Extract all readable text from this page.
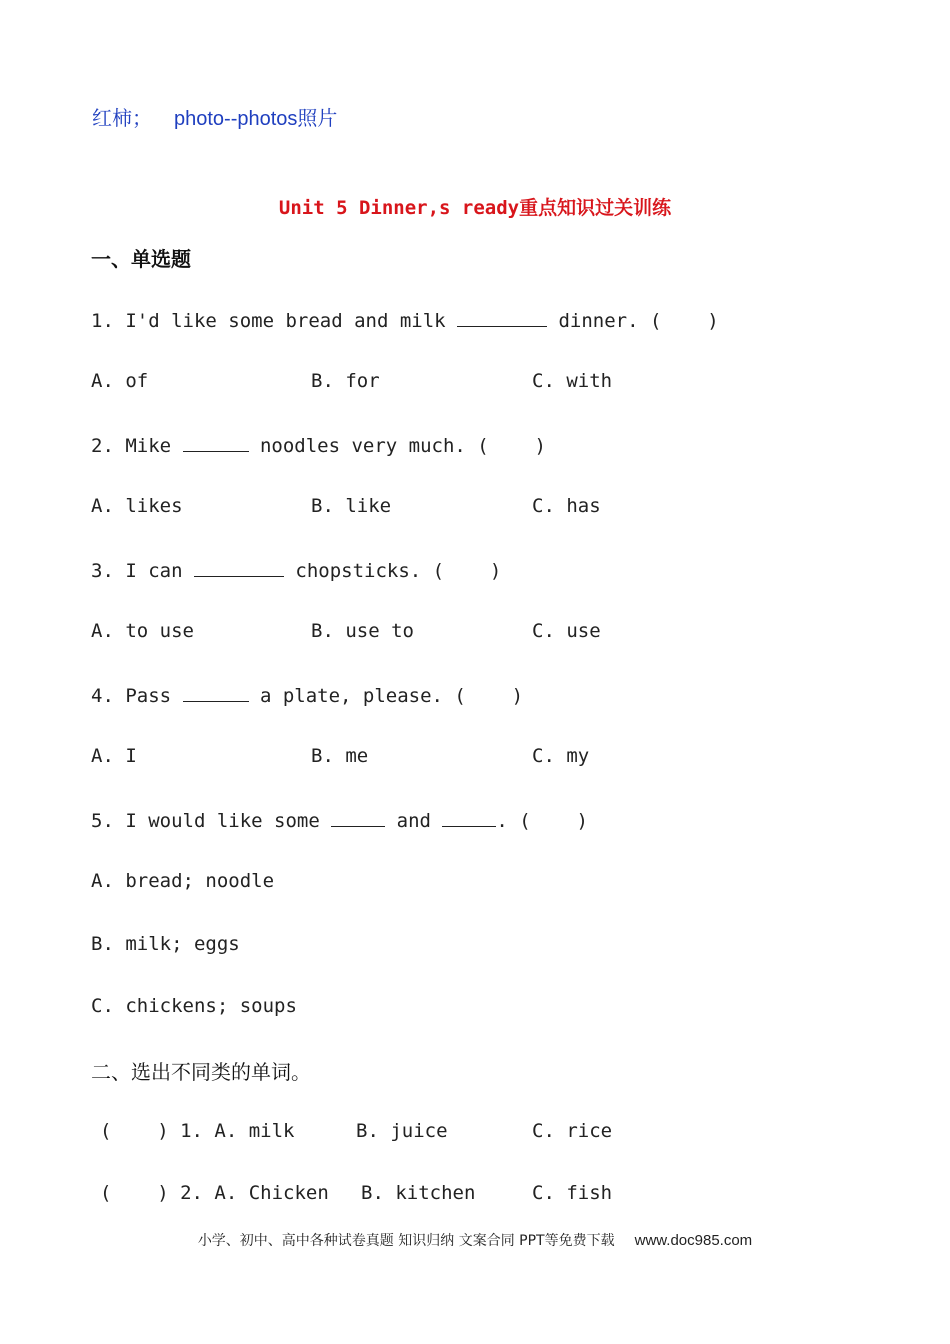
红柿； photo--photos照片
Unit 5 Dinner,s ready重点知识过关训练
一、单选题
1. I'd like some bread and milk	dinner. (    )
A. of	B. for	C. with
2. Mike	noodles very much. (    )
A. likes	B. like	C. has
3. I can	chopsticks. (    )
A. to use	B. use to	C. use
4. Pass	a plate, please. (    )
A. I	B. me	C. my
5. I would like some	and	. (    )
A. bread; noodle
B. milk; eggs
C. chickens; soups
二、选出不同类的单词。
(    ) 1. A. milk	B. juice	C. rice
(    ) 2. A. Chicken B. kitchen	C. fish
小学、初中、高中各种试卷真题 知识归纳 文案合同 PPT等免费下载 www.doc985.com
